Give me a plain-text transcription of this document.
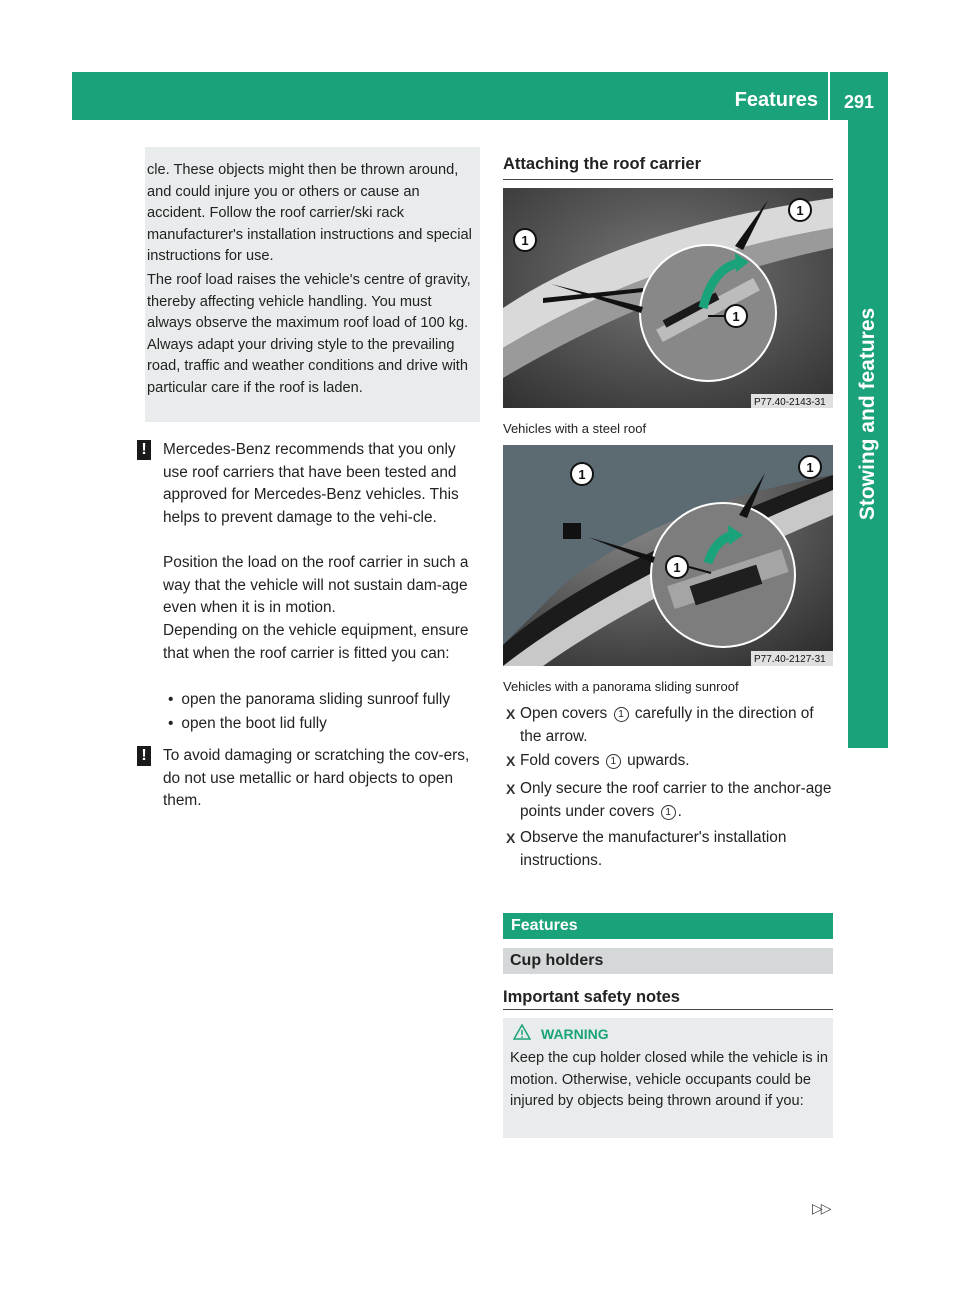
Features 291
Stowing and features

cle. These objects might then be thrown around, and could injure you or others or cause an accident. Follow the roof carrier/ski rack manufacturer's installation instructions and special instructions for use.

The roof load raises the vehicle's centre of gravity, thereby affecting vehicle handling. You must always observe the maximum roof load of 100 kg. Always adapt your driving style to the prevailing road, traffic and weather conditions and drive with particular care if the roof is laden.

! Mercedes-Benz recommends that you only use roof carriers that have been tested and approved for Mercedes-Benz vehicles. This helps to prevent damage to the vehi-cle.

Position the load on the roof carrier in such a way that the vehicle will not sustain dam-age even when it is in motion.

Depending on the vehicle equipment, ensure that when the roof carrier is fitted you can:

• open the panorama sliding sunroof fully
• open the boot lid fully
! To avoid damaging or scratching the cov-ers, do not use metallic or hard objects to open them.

Attaching the roof carrier
1
1
1
P77.40-2143-31
Vehicles with a steel roof
1	1
1
P77.40-2127-31
Vehicles with a panorama sliding sunroof
X Open covers 1 carefully in the direction of the arrow.
X Fold covers 1 upwards.
X Only secure the roof carrier to the anchor-age points under covers 1 .
X Observe the manufacturer's installation instructions.
Features
Cup holders
Important safety notes
WARNING
Keep the cup holder closed while the vehicle is in motion. Otherwise, vehicle occupants could be injured by objects being thrown around if you:
▷▷
